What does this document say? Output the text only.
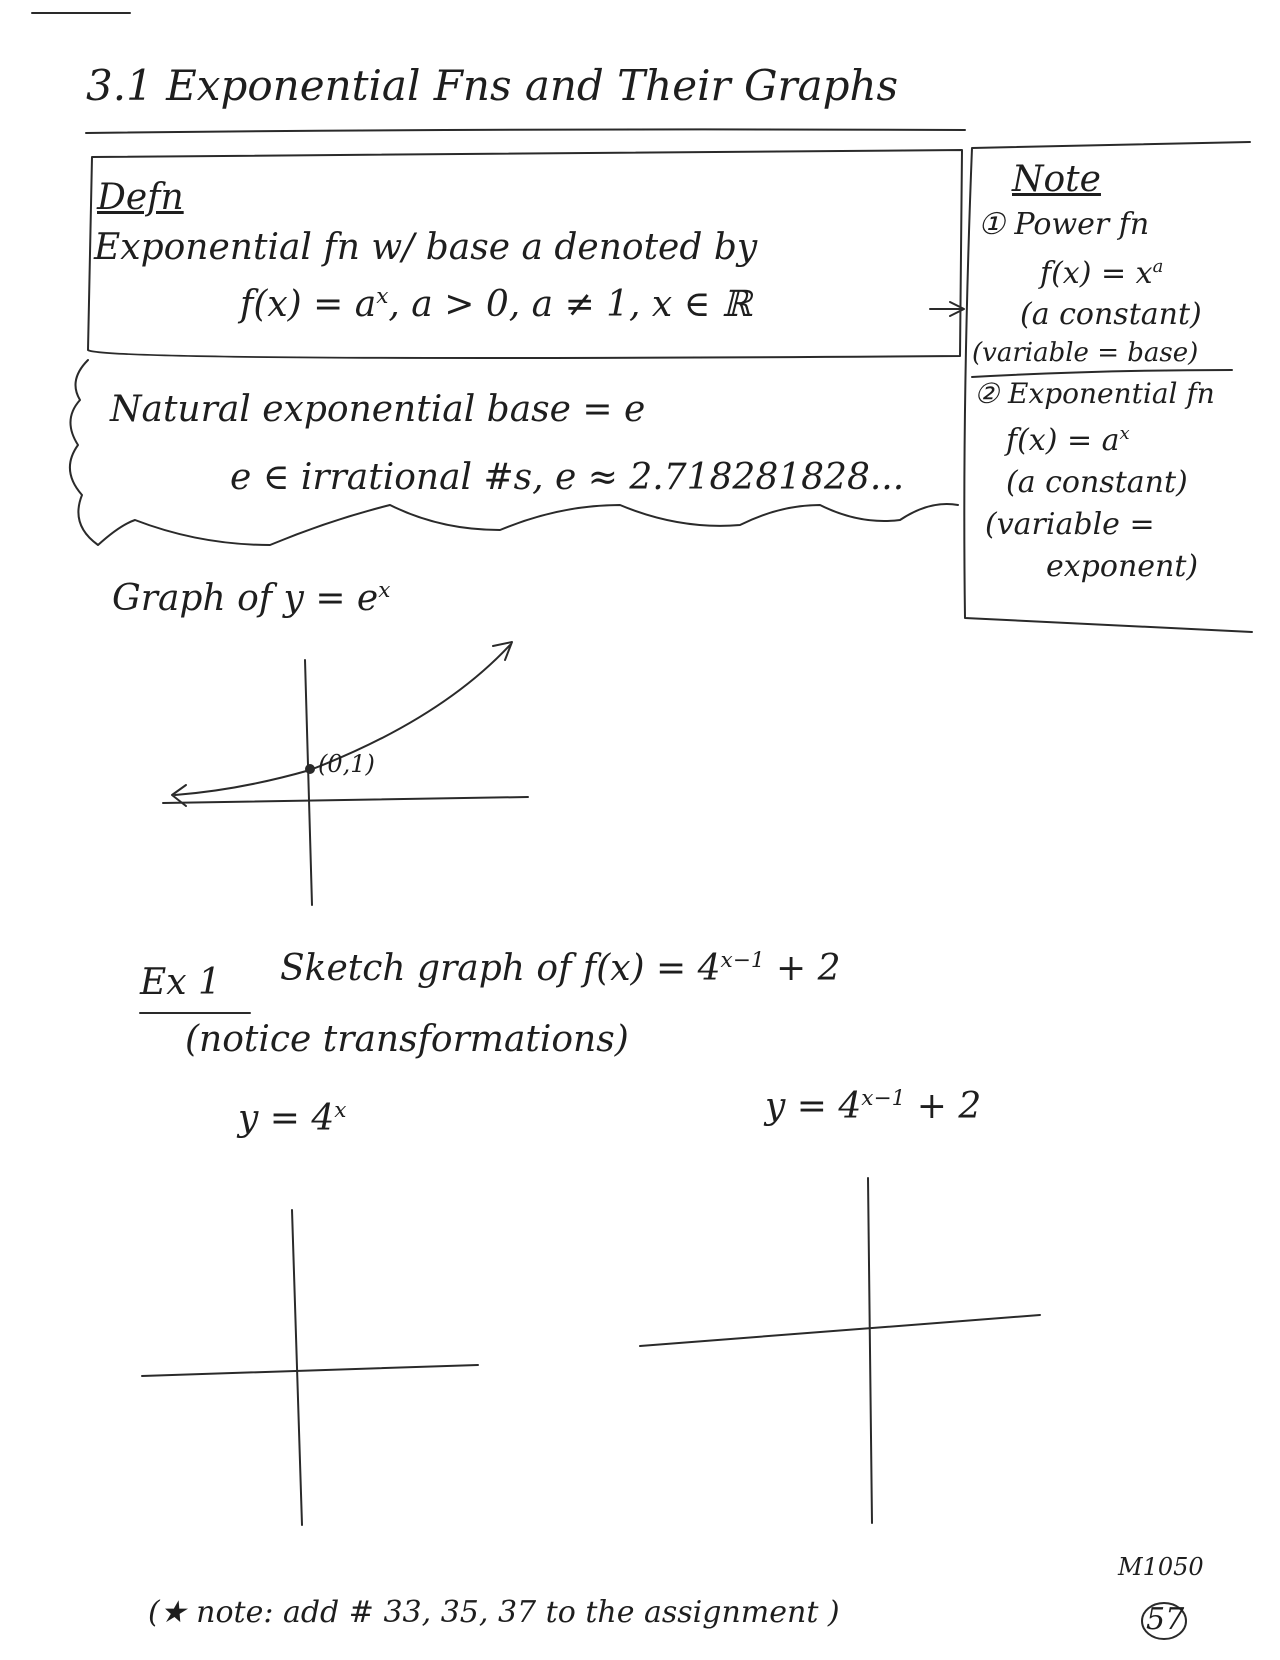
3.1 Exponential Fns and Their Graphs
Defn
Exponential fn w/ base a denoted by
$f(x) = a^x$, a > 0, a ≠ 1, x ∈ ℝ
Natural exponential base = e
e ∈ irrational #s, e ≈ 2.718281828...
Note
① Power fn
$f(x) = x^a$
(a constant)
(variable = base)
② Exponential fn
$f(x) = a^x$
(a constant)
(variable =
exponent)
Graph of $y = e^x$
(0,1)
Ex 1 Sketch graph of $f(x) = 4^{x-1} + 2$
(notice transformations)
$y = 4^x$	$y = 4^{x-1} + 2$
(★ note: add # 33, 35, 37 to the assignment )
M1050
57
